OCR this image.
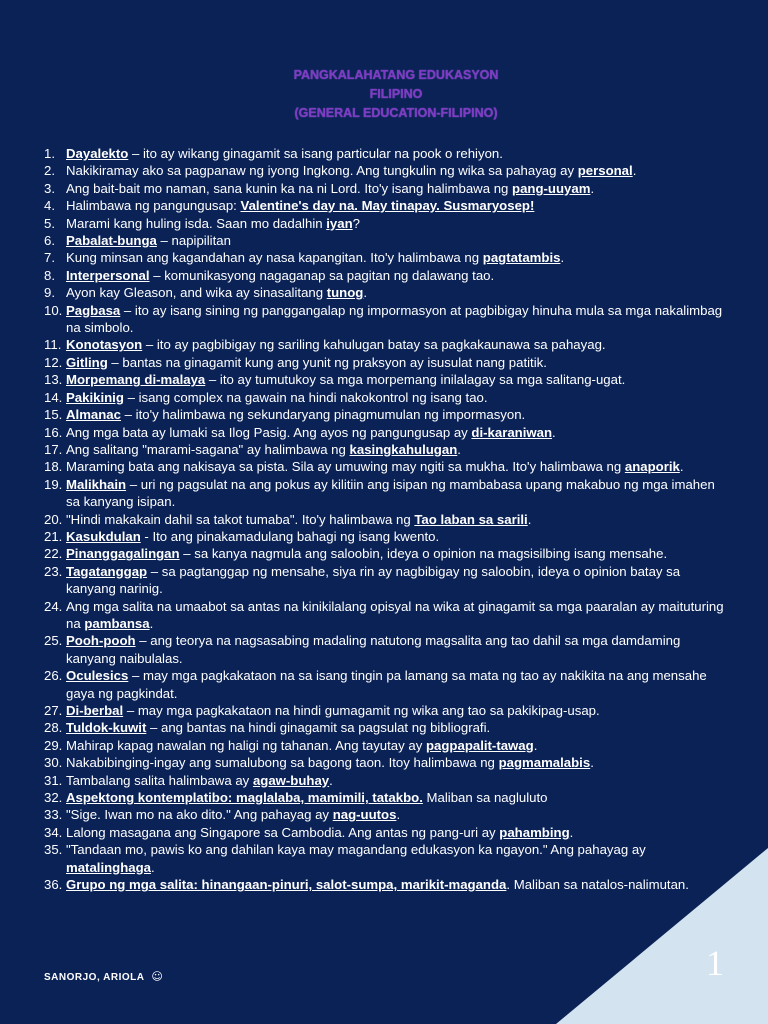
PANGKALAHATANG EDUKASYON
FILIPINO
(GENERAL EDUCATION-FILIPINO)
1. Dayalekto – ito ay wikang ginagamit sa isang particular na pook o rehiyon.
2. Nakikiramay ako sa pagpanaw ng iyong Ingkong. Ang tungkulin ng wika sa pahayag ay personal.
3. Ang bait-bait mo naman, sana kunin ka na ni Lord. Ito'y isang halimbawa ng pang-uuyam.
4. Halimbawa ng pangungusap: Valentine's day na. May tinapay. Susmaryosep!
5. Marami kang huling isda. Saan mo dadalhin iyan?
6. Pabalat-bunga – napipilitan
7. Kung minsan ang kagandahan ay nasa kapangitan. Ito'y halimbawa ng pagtatambis.
8. Interpersonal – komunikasyong nagaganap sa pagitan ng dalawang tao.
9. Ayon kay Gleason, and wika ay sinasalitang tunog.
10. Pagbasa – ito ay isang sining ng panggangalap ng impormasyon at pagbibigay hinuha mula sa mga nakalimbag na simbolo.
11. Konotasyon – ito ay pagbibigay ng sariling kahulugan batay sa pagkakaunawa sa pahayag.
12. Gitling – bantas na ginagamit kung ang yunit ng praksyon ay isusulat nang patitik.
13. Morpemang di-malaya – ito ay tumutukoy sa mga morpemang inilalagay sa mga salitang-ugat.
14. Pakikinig – isang complex na gawain na hindi nakokontrol ng isang tao.
15. Almanac – ito'y halimbawa ng sekundaryang pinagmumulan ng impormasyon.
16. Ang mga bata ay lumaki sa Ilog Pasig. Ang ayos ng pangungusap ay di-karaniwan.
17. Ang salitang "marami-sagana" ay halimbawa ng kasingkahulugan.
18. Maraming bata ang nakisaya sa pista. Sila ay umuwing may ngiti sa mukha. Ito'y halimbawa ng anaporik.
19. Malikhain – uri ng pagsulat na ang pokus ay kilitiin ang isipan ng mambabasa upang makabuo ng mga imahen sa kanyang isipan.
20. "Hindi makakain dahil sa takot tumaba". Ito'y halimbawa ng Tao laban sa sarili.
21. Kasukdulan - Ito ang pinakamadulang bahagi ng isang kwento.
22. Pinanggagalingan – sa kanya nagmula ang saloobin, ideya o opinion na magsisilbing isang mensahe.
23. Tagatanggap – sa pagtanggap ng mensahe, siya rin ay nagbibigay ng saloobin, ideya o opinion batay sa kanyang narinig.
24. Ang mga salita na umaabot sa antas na kinikilalang opisyal na wika at ginagamit sa mga paaralan ay maituturing na pambansa.
25. Pooh-pooh – ang teorya na nagsasabing madaling natutong magsalita ang tao dahil sa mga damdaming kanyang naibulalas.
26. Oculesics – may mga pagkakataon na sa isang tingin pa lamang sa mata ng tao ay nakikita na ang mensahe gaya ng pagkindat.
27. Di-berbal – may mga pagkakataon na hindi gumagamit ng wika ang tao sa pakikipag-usap.
28. Tuldok-kuwit – ang bantas na hindi ginagamit sa pagsulat ng bibliografi.
29. Mahirap kapag nawalan ng haligi ng tahanan. Ang tayutay ay pagpapalit-tawag.
30. Nakabibinging-ingay ang sumalubong sa bagong taon. Itoy halimbawa ng pagmamalabis.
31. Tambalang salita halimbawa ay agaw-buhay.
32. Aspektong kontemplatibo: maglalaba, mamimili, tatakbo. Maliban sa nagluluto
33. "Sige. Iwan mo na ako dito." Ang pahayag ay nag-uutos.
34. Lalong masagana ang Singapore sa Cambodia. Ang antas ng pang-uri ay pahambing.
35. "Tandaan mo, pawis ko ang dahilan kaya may magandang edukasyon ka ngayon." Ang pahayag ay matalinghaga.
36. Grupo ng mga salita: hinangaan-pinuri, salot-sumpa, marikit-maganda. Maliban sa natalos-nalimutan.
1
SANORJO, ARIOLA ☺
